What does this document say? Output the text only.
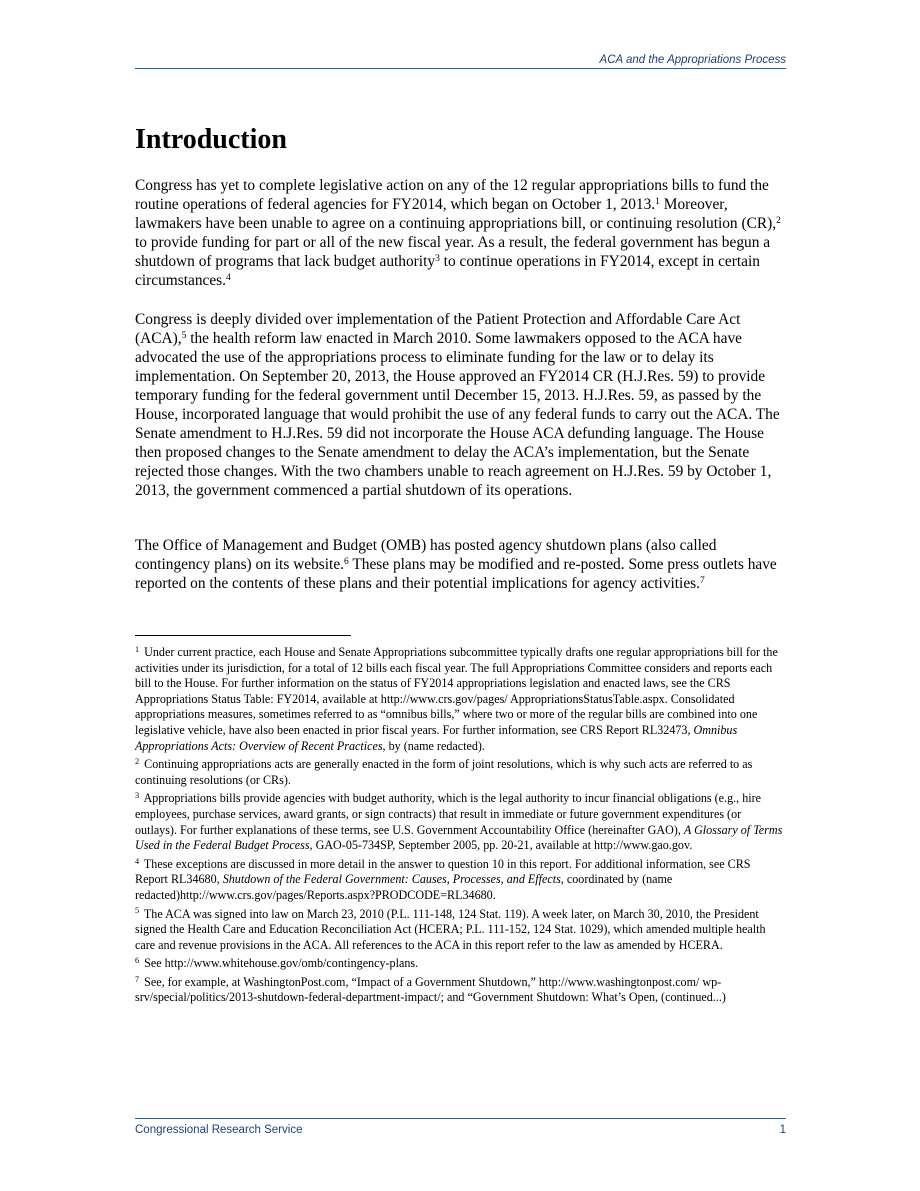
ACA and the Appropriations Process
Introduction

Congress has yet to complete legislative action on any of the 12 regular appropriations bills to fund the routine operations of federal agencies for FY2014, which began on October 1, 2013.$^1$ Moreover, lawmakers have been unable to agree on a continuing appropriations bill, or continuing resolution (CR),$^2$ to provide funding for part or all of the new fiscal year. As a result, the federal government has begun a shutdown of programs that lack budget authority$^3$ to continue operations in FY2014, except in certain circumstances.$^4$

Congress is deeply divided over implementation of the Patient Protection and Affordable Care Act (ACA),$^5$ the health reform law enacted in March 2010. Some lawmakers opposed to the ACA have advocated the use of the appropriations process to eliminate funding for the law or to delay its implementation. On September 20, 2013, the House approved an FY2014 CR (H.J.Res. 59) to provide temporary funding for the federal government until December 15, 2013. H.J.Res. 59, as passed by the House, incorporated language that would prohibit the use of any federal funds to carry out the ACA. The Senate amendment to H.J.Res. 59 did not incorporate the House ACA defunding language. The House then proposed changes to the Senate amendment to delay the ACA’s implementation, but the Senate rejected those changes. With the two chambers unable to reach agreement on H.J.Res. 59 by October 1, 2013, the government commenced a partial shutdown of its operations.

The Office of Management and Budget (OMB) has posted agency shutdown plans (also called contingency plans) on its website.$^6$ These plans may be modified and re-posted. Some press outlets have reported on the contents of these plans and their potential implications for agency activities.$^7$

$^1$ Under current practice, each House and Senate Appropriations subcommittee typically drafts one regular appropriations bill for the activities under its jurisdiction, for a total of 12 bills each fiscal year. The full Appropriations Committee considers and reports each bill to the House. For further information on the status of FY2014 appropriations legislation and enacted laws, see the CRS Appropriations Status Table: FY2014, available at http://www.crs.gov/pages/ AppropriationsStatusTable.aspx. Consolidated appropriations measures, sometimes referred to as “omnibus bills,” where two or more of the regular bills are combined into one legislative vehicle, have also been enacted in prior fiscal years. For further information, see CRS Report RL32473, Omnibus Appropriations Acts: Overview of Recent Practices, by (name redacted).

$^2$ Continuing appropriations acts are generally enacted in the form of joint resolutions, which is why such acts are referred to as continuing resolutions (or CRs).

$^3$ Appropriations bills provide agencies with budget authority, which is the legal authority to incur financial obligations (e.g., hire employees, purchase services, award grants, or sign contracts) that result in immediate or future government expenditures (or outlays). For further explanations of these terms, see U.S. Government Accountability Office (hereinafter GAO), A Glossary of Terms Used in the Federal Budget Process, GAO-05-734SP, September 2005, pp. 20-21, available at http://www.gao.gov.

$^4$ These exceptions are discussed in more detail in the answer to question 10 in this report. For additional information, see CRS Report RL34680, Shutdown of the Federal Government: Causes, Processes, and Effects, coordinated by (name redacted)http://www.crs.gov/pages/Reports.aspx?PRODCODE=RL34680.

$^5$ The ACA was signed into law on March 23, 2010 (P.L. 111-148, 124 Stat. 119). A week later, on March 30, 2010, the President signed the Health Care and Education Reconciliation Act (HCERA; P.L. 111-152, 124 Stat. 1029), which amended multiple health care and revenue provisions in the ACA. All references to the ACA in this report refer to the law as amended by HCERA.

$^6$ See http://www.whitehouse.gov/omb/contingency-plans.

$^7$ See, for example, at WashingtonPost.com, “Impact of a Government Shutdown,” http://www.washingtonpost.com/ wp-srv/special/politics/2013-shutdown-federal-department-impact/; and “Government Shutdown: What’s Open, (continued...)

Congressional Research Service	1
